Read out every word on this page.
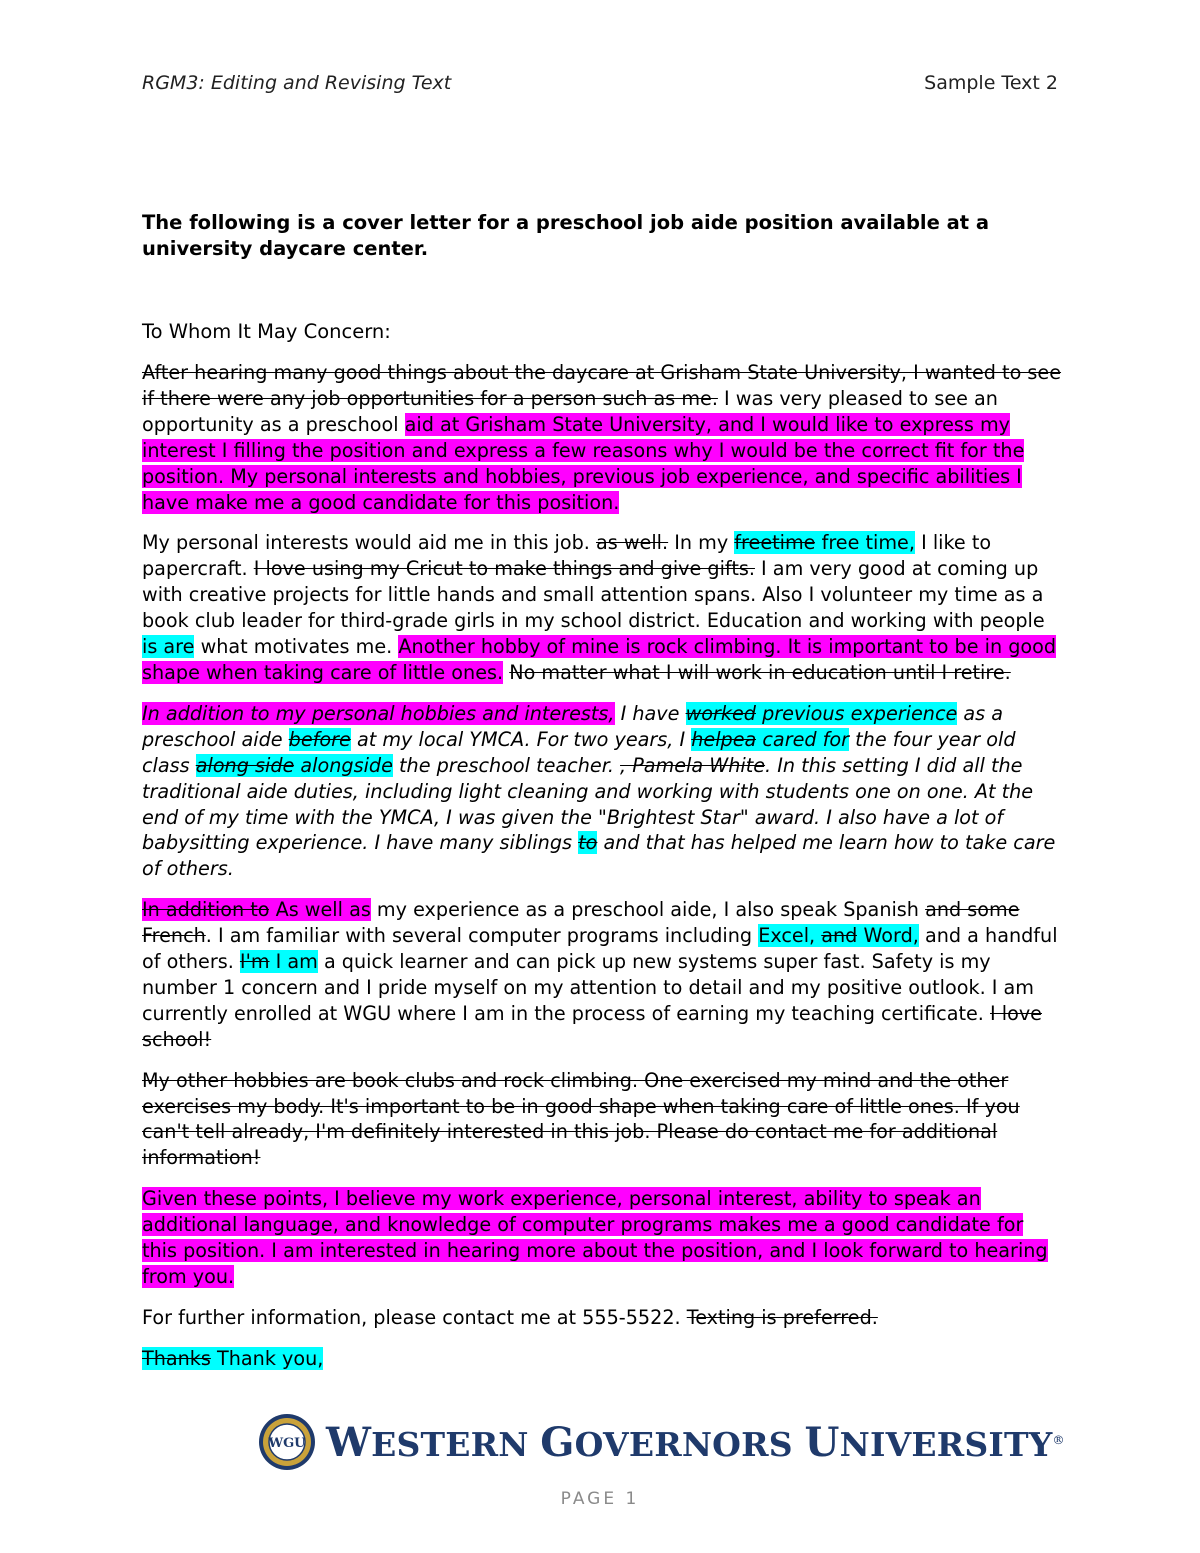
RGM3: Editing and Revising Text	Sample Text 2
The following is a cover letter for a preschool job aide position available at a university daycare center.
To Whom It May Concern:

After hearing many good things about the daycare at Grisham State University, I wanted to see if there were any job opportunities for a person such as me. I was very pleased to see an opportunity as a preschool aid at Grisham State University, and I would like to express my interest I filling the position and express a few reasons why I would be the correct fit for the position. My personal interests and hobbies, previous job experience, and specific abilities I have make me a good candidate for this position.

My personal interests would aid me in this job. as well. In my freetime free time, I like to papercraft. I love using my Cricut to make things and give gifts. I am very good at coming up with creative projects for little hands and small attention spans. Also I volunteer my time as a book club leader for third-grade girls in my school district. Education and working with people is are what motivates me. Another hobby of mine is rock climbing. It is important to be in good shape when taking care of little ones. No matter what I will work in education until I retire.

In addition to my personal hobbies and interests, I have worked previous experience as a preschool aide before at my local YMCA. For two years, I helpea cared for the four year old class along side alongside the preschool teacher. , Pamela White. In this setting I did all the traditional aide duties, including light cleaning and working with students one on one. At the end of my time with the YMCA, I was given the "Brightest Star" award. I also have a lot of babysitting experience. I have many siblings to and that has helped me learn how to take care of others.

In addition to As well as my experience as a preschool aide, I also speak Spanish and some French. I am familiar with several computer programs including Excel, and Word, and a handful of others. I'm I am a quick learner and can pick up new systems super fast. Safety is my number 1 concern and I pride myself on my attention to detail and my positive outlook. I am currently enrolled at WGU where I am in the process of earning my teaching certificate. I love school!

My other hobbies are book clubs and rock climbing. One exercised my mind and the other exercises my body. It's important to be in good shape when taking care of little ones. If you can't tell already, I'm definitely interested in this job. Please do contact me for additional information!

Given these points, I believe my work experience, personal interest, ability to speak an additional language, and knowledge of computer programs makes me a good candidate for this position. I am interested in hearing more about the position, and I look forward to hearing from you.

For further information, please contact me at 555-5522. Texting is preferred.

Thanks Thank you,

WGU WESTERN GOVERNORS UNIVERSITY®
PAGE 1
